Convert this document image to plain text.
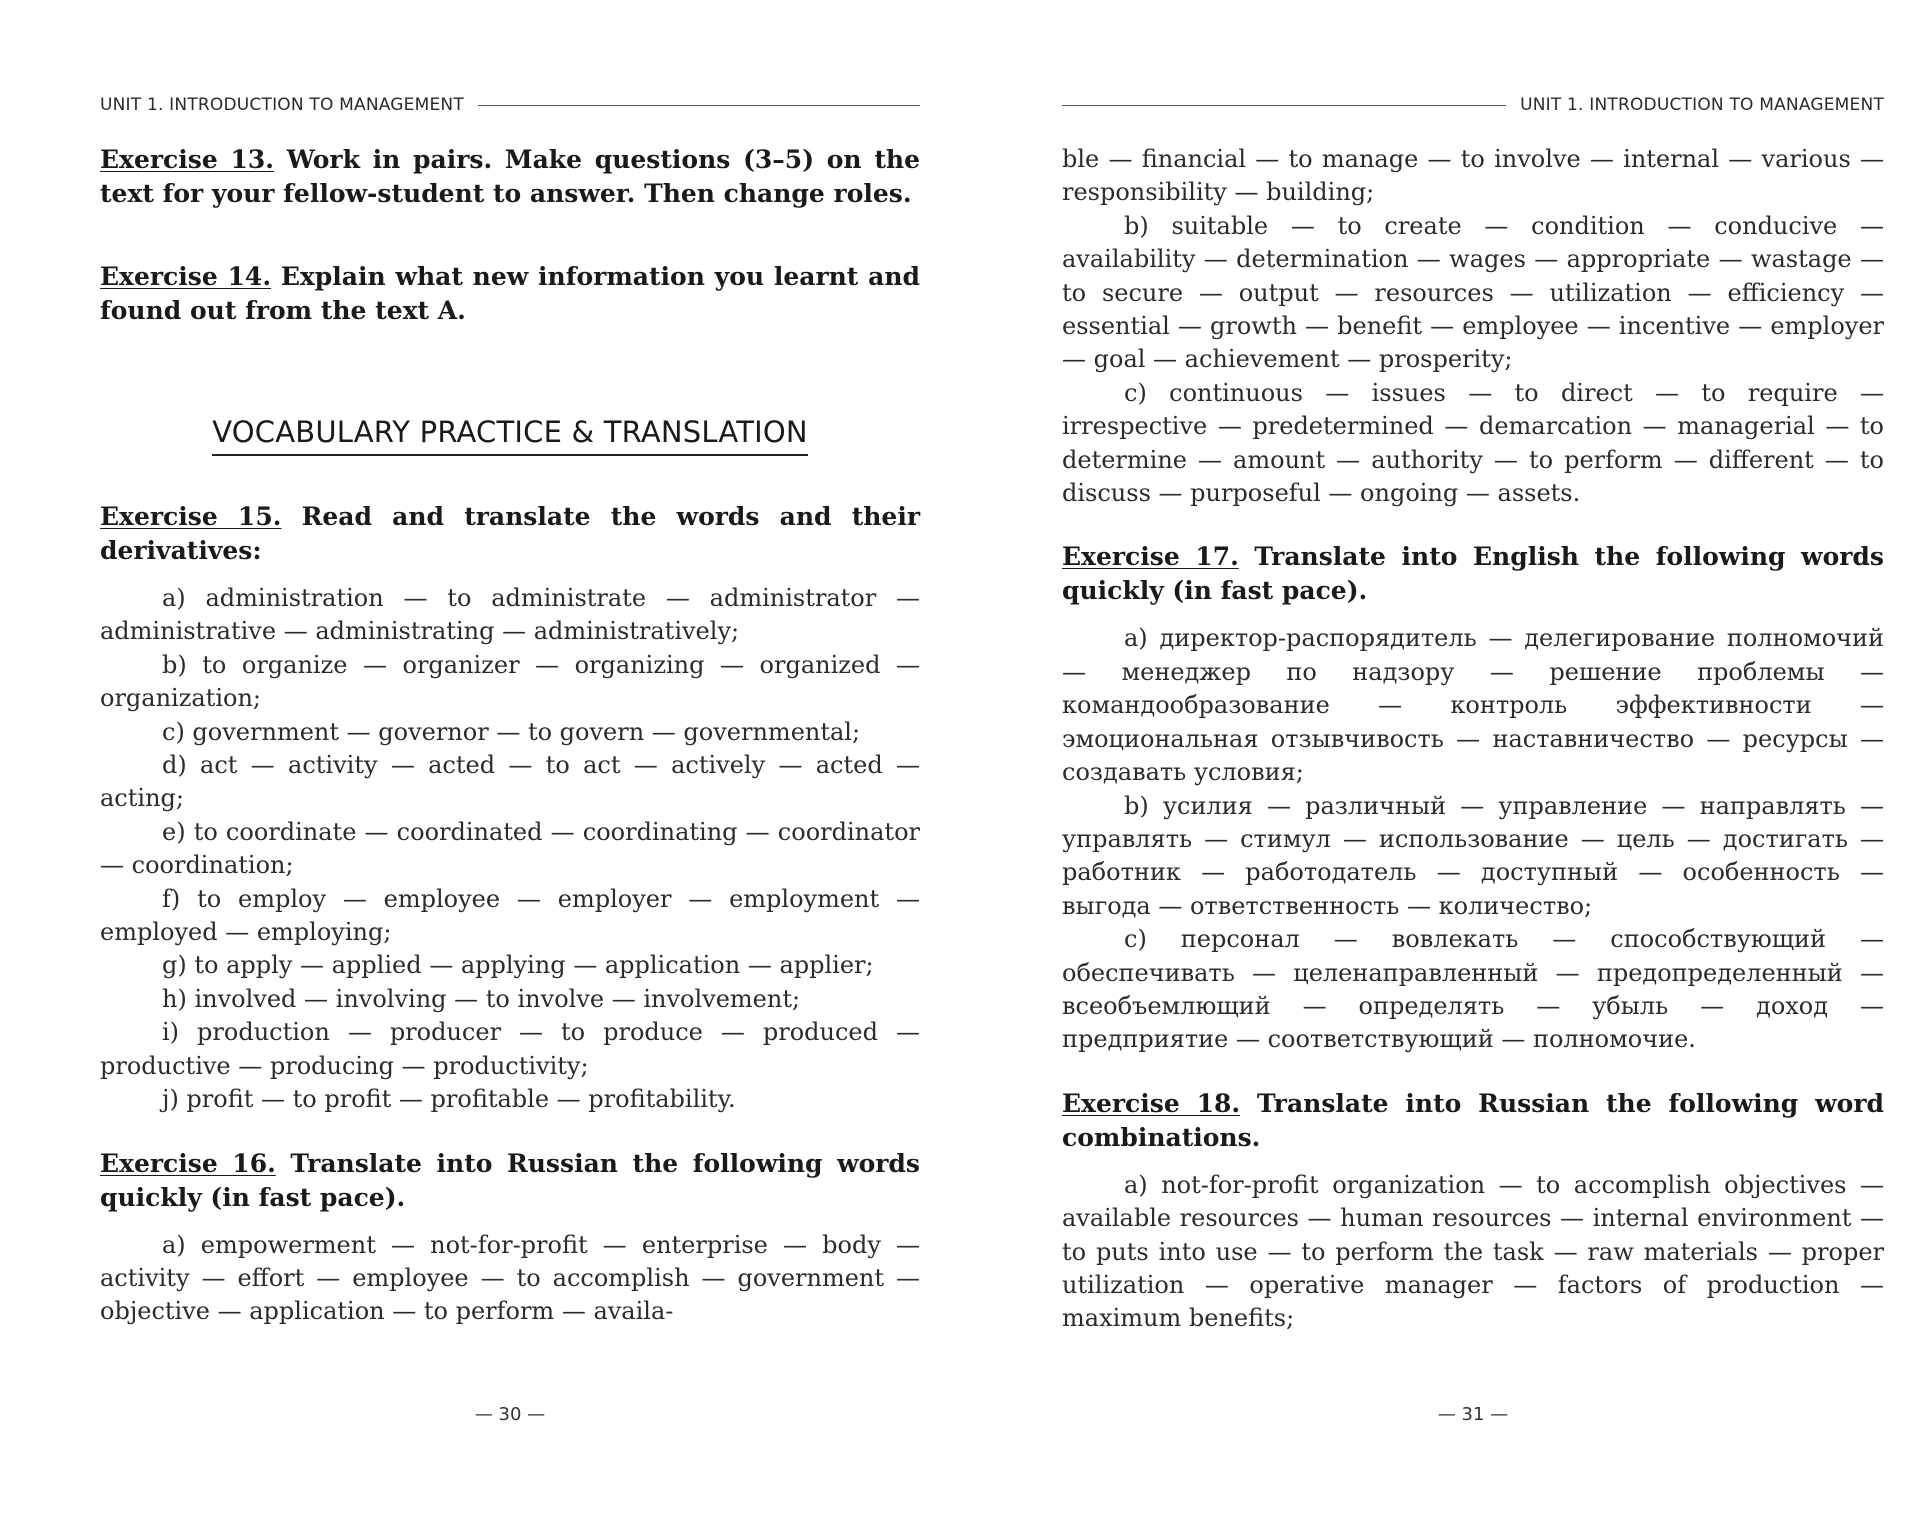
UNIT 1. INTRODUCTION TO MANAGEMENT

Exercise 13. Work in pairs. Make questions (3–5) on the text for your fellow-student to answer. Then change roles.

Exercise 14. Explain what new information you learnt and found out from the text A.

VOCABULARY PRACTICE & TRANSLATION

Exercise 15. Read and translate the words and their derivatives:

a) administration — to administrate — administrator — administrative — administrating — administratively;

b) to organize — organizer — organizing — organized — organization;

c) government — governor — to govern — governmental;

d) act — activity — acted — to act — actively — acted — acting;

e) to coordinate — coordinated — coordinating — coordinator — coordination;

f) to employ — employee — employer — employment — employed — employing;

g) to apply — applied — applying — application — applier;

h) involved — involving — to involve — involvement;

i) production — producer — to produce — produced — productive — producing — productivity;

j) profit — to profit — profitable — profitability.

Exercise 16. Translate into Russian the following words quickly (in fast pace).

a) empowerment — not-for-profit — enterprise — body — activity — effort — employee — to accomplish — government — objective — application — to perform — availa-

— 30 —
UNIT 1. INTRODUCTION TO MANAGEMENT

ble — financial — to manage — to involve — internal — various — responsibility — building;

b) suitable — to create — condition — conducive — availability — determination — wages — appropriate — wastage — to secure — output — resources — utilization — efficiency — essential — growth — benefit — employee — incentive — employer — goal — achievement — prosperity;

c) continuous — issues — to direct — to require — irrespective — predetermined — demarcation — managerial — to determine — amount — authority — to perform — different — to discuss — purposeful — ongoing — assets.

Exercise 17. Translate into English the following words quickly (in fast pace).

a) директор-распорядитель — делегирование полномочий — менеджер по надзору — решение проблемы — командообразование — контроль эффективности — эмоциональная отзывчивость — наставничество — ресурсы — создавать условия;

b) усилия — различный — управление — направлять — управлять — стимул — использование — цель — достигать — работник — работодатель — доступный — особенность — выгода — ответственность — количество;

c) персонал — вовлекать — способствующий — обеспечивать — целенаправленный — предопределенный — всеобъемлющий — определять — убыль — доход — предприятие — соответствующий — полномочие.

Exercise 18. Translate into Russian the following word combinations.

a) not-for-profit organization — to accomplish objectives — available resources — human resources — internal environment — to puts into use — to perform the task — raw materials — proper utilization — operative manager — factors of production — maximum benefits;

— 31 —
